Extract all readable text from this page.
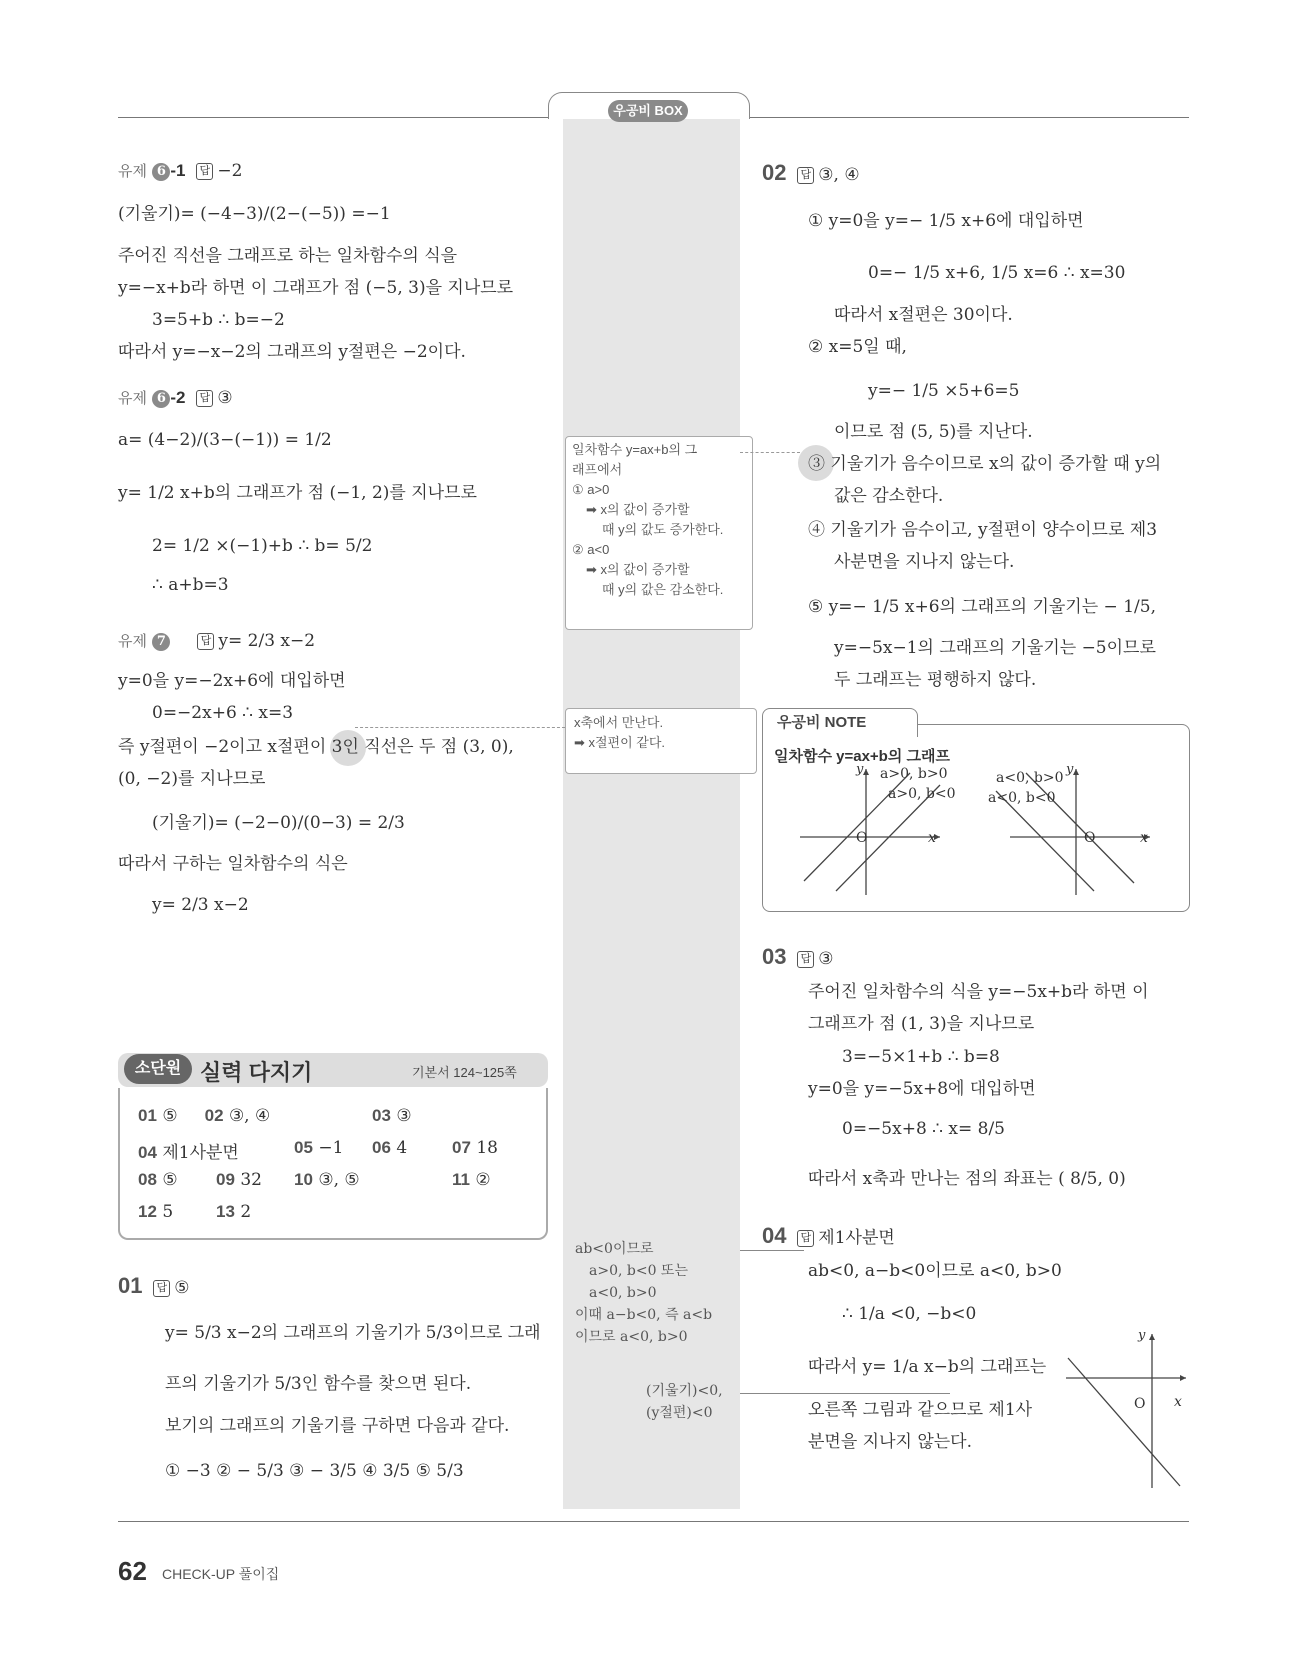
우공비 BOX
유제 6 -1 답 −2
(기울기)= (−4−3)/(2−(−5)) =−1
주어진 직선을 그래프로 하는 일차함수의 식을
y=−x+b라 하면 이 그래프가 점 (−5, 3)을 지나므로
3=5+b ∴ b=−2
따라서 y=−x−2의 그래프의 y절편은 −2이다.
유제 6 -2 답 ③
a= (4−2)/(3−(−1)) = 1/2
y= 1/2 x+b의 그래프가 점 (−1, 2)를 지나므로
2= 1/2 ×(−1)+b ∴ b= 5/2
∴ a+b=3
유제 7	답 y= 2/3 x−2
y=0을 y=−2x+6에 대입하면
0=−2x+6 ∴ x=3
즉 y절편이 −2이고 x절편이 3인 직선은 두 점 (3, 0),
(0, −2)를 지나므로
(기울기)= (−2−0)/(0−3) = 2/3
따라서 구하는 일차함수의 식은
y= 2/3 x−2
소단원 실력 다지기	기본서 124~125쪽
01 ⑤ 02 ③, ④	03 ③
04 제1사분면	05 −1 06 4	07 18
08 ⑤ 09 32 10 ③, ⑤	11 ②
12 5	13 2
01 답 ⑤
y= 5/3 x−2의 그래프의 기울기가 5/3이므로 그래
프의 기울기가 5/3인 함수를 찾으면 된다.
보기의 그래프의 기울기를 구하면 다음과 같다.
① −3 ② − 5/3 ③ − 3/5 ④ 3/5 ⑤ 5/3
일차함수 y=ax+b의 그
래프에서
① a>0
➡ x의 값이 증가할
때 y의 값도 증가한다.
② a<0
➡ x의 값이 증가할
때 y의 값은 감소한다.
x축에서 만난다.
➡ x절편이 같다.
ab<0이므로
a>0, b<0 또는
a<0, b>0
이때 a−b<0, 즉 a<b
이므로 a<0, b>0
(기울기)<0,
(y절편)<0
02 답 ③, ④
① y=0을 y=− 1/5 x+6에 대입하면
0=− 1/5 x+6, 1/5 x=6 ∴ x=30
따라서 x절편은 30이다.
② x=5일 때,
y=− 1/5 ×5+6=5
이므로 점 (5, 5)를 지난다.
③ 기울기가 음수이므로 x의 값이 증가할 때 y의
값은 감소한다.
④ 기울기가 음수이고, y절편이 양수이므로 제3
사분면을 지나지 않는다.
⑤ y=− 1/5 x+6의 그래프의 기울기는 − 1/5,
y=−5x−1의 그래프의 기울기는 −5이므로
두 그래프는 평행하지 않다.
우공비 NOTE
일차함수 y=ax+b의 그래프
O	x
y a>0, b>0
a>0, b<0
O	x
y
a<0, b>0
a<0, b<0
03 답 ③
주어진 일차함수의 식을 y=−5x+b라 하면 이
그래프가 점 (1, 3)을 지나므로
3=−5×1+b ∴ b=8
y=0을 y=−5x+8에 대입하면
0=−5x+8 ∴ x= 8/5
따라서 x축과 만나는 점의 좌표는 ( 8/5, 0)
04 답 제1사분면
ab<0, a−b<0이므로 a<0, b>0
∴ 1/a <0, −b<0
따라서 y= 1/a x−b의 그래프는
오른쪽 그림과 같으므로 제1사
분면을 지나지 않는다.
O x
y
62 CHECK-UP 풀이집
